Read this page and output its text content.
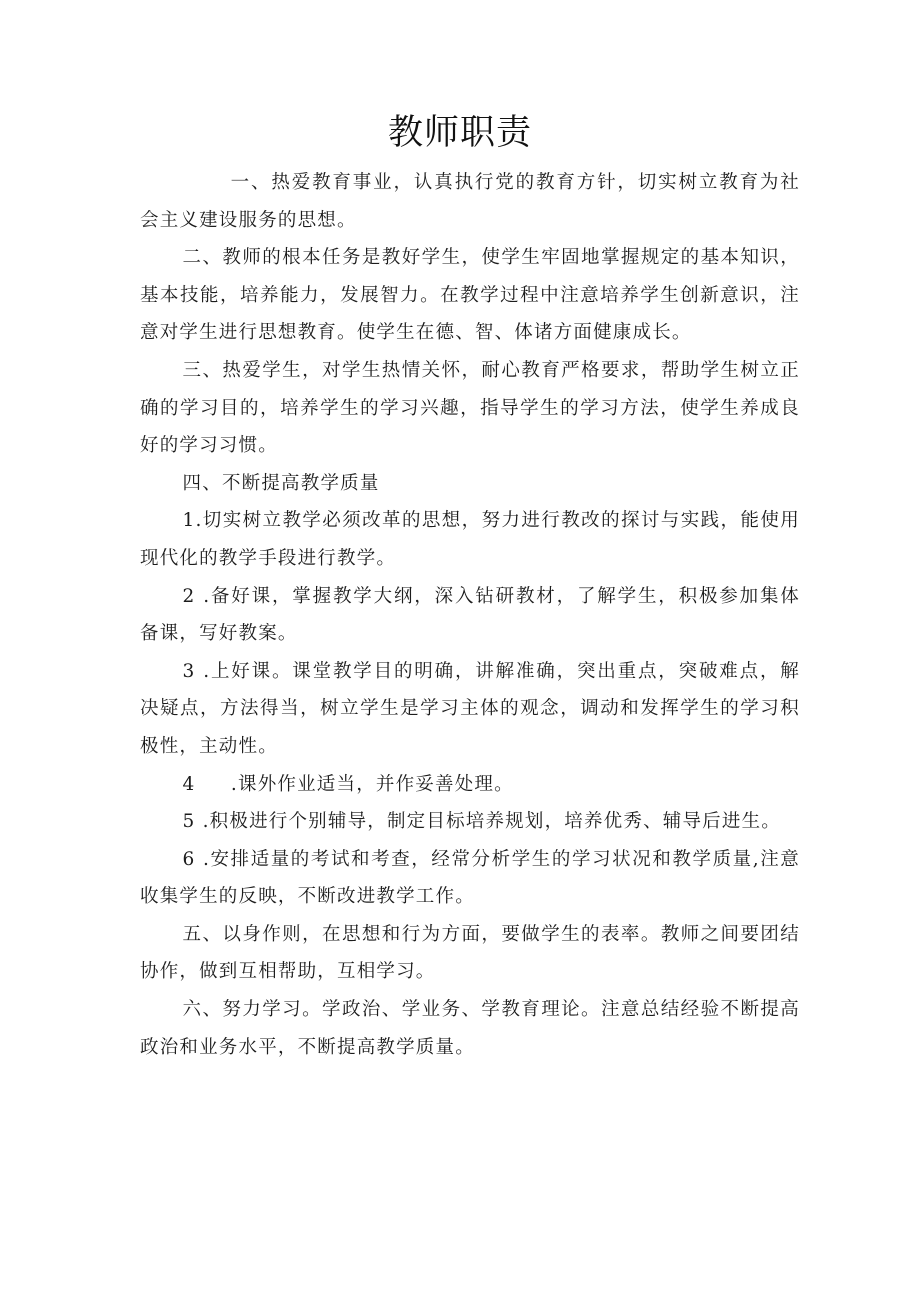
教师职责

一、热爱教育事业，认真执行党的教育方针，切实树立教育为社会主义建设服务的思想。

二、教师的根本任务是教好学生，使学生牢固地掌握规定的基本知识，基本技能，培养能力，发展智力。在教学过程中注意培养学生创新意识，注意对学生进行思想教育。使学生在德、智、体诸方面健康成长。

三、热爱学生，对学生热情关怀，耐心教育严格要求，帮助学生树立正确的学习目的，培养学生的学习兴趣，指导学生的学习方法，使学生养成良好的学习习惯。

四、不断提高教学质量

1.切实树立教学必须改革的思想，努力进行教改的探讨与实践，能使用现代化的教学手段进行教学。

2 .备好课，掌握教学大纲，深入钻研教材，了解学生，积极参加集体备课，写好教案。

3 .上好课。课堂教学目的明确，讲解准确，突出重点，突破难点，解决疑点，方法得当，树立学生是学习主体的观念，调动和发挥学生的学习积极性，主动性。

4     .课外作业适当，并作妥善处理。

5 .积极进行个别辅导，制定目标培养规划，培养优秀、辅导后进生。

6 .安排适量的考试和考查，经常分析学生的学习状况和教学质量,注意收集学生的反映，不断改进教学工作。

五、以身作则，在思想和行为方面，要做学生的表率。教师之间要团结协作，做到互相帮助，互相学习。

六、努力学习。学政治、学业务、学教育理论。注意总结经验不断提高政治和业务水平，不断提高教学质量。
